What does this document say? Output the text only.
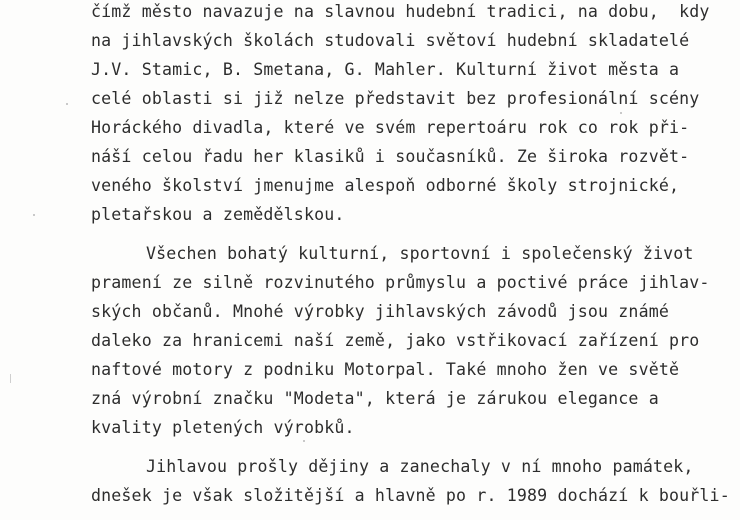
čímž město navazuje na slavnou hudební tradici, na dobu,  kdy
na jihlavských školách studovali světoví hudební skladatelé
J.V. Stamic, B. Smetana, G. Mahler. Kulturní život města a
celé oblasti si již nelze představit bez profesionální scény
Horáckého divadla, které ve svém repertoáru rok co rok při-
náší celou řadu her klasiků i současníků. Ze široka rozvět-
veného školství jmenujme alespoň odborné školy strojnické,
pletařskou a zemědělskou.
Všechen bohatý kulturní, sportovní i společenský život
pramení ze silně rozvinutého průmyslu a poctivé práce jihlav-
ských občanů. Mnohé výrobky jihlavských závodů jsou známé
daleko za hranicemi naší země, jako vstřikovací zařízení pro
naftové motory z podniku Motorpal. Také mnoho žen ve světě
zná výrobní značku "Modeta", která je zárukou elegance a
kvality pletených výrobků.
Jihlavou prošly dějiny a zanechaly v ní mnoho památek,
dnešek je však složitější a hlavně po r. 1989 dochází k bouřli-
